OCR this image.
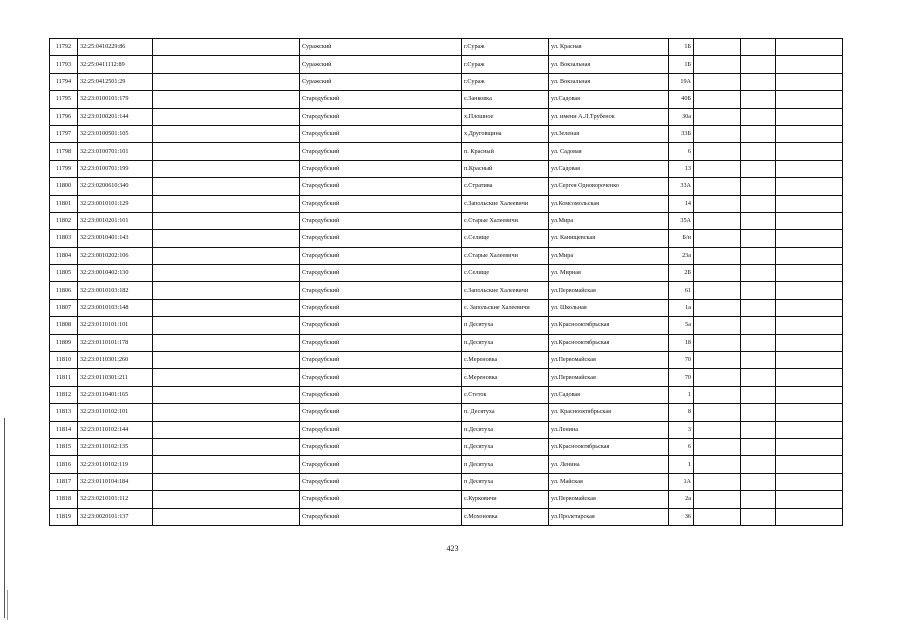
11792	32:25:0410229:86		Суражский	г.Сураж	ул. Красная	1Б			
11793	32:25:0411112:89		Суражский	г.Сураж	ул. Вокзальная	1Б			
11794	32:25:0412501:29		Суражский	г.Сураж	ул. Вокзальная	19А			
11795	32:23:0100101:179		Стародубский	с.Занковка	ул.Садовая	40Б			
11796	32:23:0100201:144		Стародубский	х.Плошное	ул. имени А.Л.Трубенок	30а			
11797	32:23:0100501:105		Стародубский	х.Друговщина	ул.Зеленая	33Б			
11798	32:23:0100701:101		Стародубский	п. Красный	ул. Садовая	6			
11799	32:23:0100701:199		Стародубский	п.Красный	ул.Садовая	13			
11800	32:23:0200610:340		Стародубский	с.Стратива	ул.Сергея Одновороченко	33А			
11801	32:23:0010101:129		Стародубский	с.Запольские Халеевичи	ул.Комсомольская	14			
11802	32:23:0010201:101		Стародубский	с.Старые Халеевичи	ул.Мира	35А			
11803	32:23:0010401:143		Стародубский	с.Селище	ул. Канищевская	Б/н			
11804	32:23:0010202:106		Стародубский	с.Старые Халеевичи	ул.Мира	23а			
11805	32:23:0010402:130		Стародубский	с.Селище	ул. Мирная	2Б			
11806	32:23:0010103:182		Стародубский	с.Запольские Халеевичи	ул.Первомайская	61			
11807	32:23:0010103:148		Стародубский	с. Запольские Халеевичи	ул. Школьная	1а			
11808	32:23:0110101:101		Стародубский	п Десятуха	ул.Краснооктябрьская	5а			
11809	32:23:0110101:178		Стародубский	п.Десятуха	ул.Краснооктябрьская	18			
11810	32:23:0110301:260		Стародубский	с.Мереновка	ул.Первомайская	70			
11811	32:23:0110301:211		Стародубский	с.Мереновка	ул.Первомайская	70			
11812	32:23:0110401:165		Стародубский	с.Стеток	ул.Садовая	1			
11813	32:23:0110102:101		Стародубский	п. Десятуха	ул. Краснооктябрьская	8			
11814	32:23:0110102:144		Стародубский	п.Десятуха	ул.Ленина	3			
11815	32:23:0110102:135		Стародубский	п.Десятуха	ул.Краснооктябрьская	6			
11816	32:23:0110102:119		Стародубский	п Десятуха	ул. Ленина	1			
11817	32:23:0110104:184		Стародубский	п Десятуха	ул. Майская	1А			
11818	32:23:0210101:112		Стародубский	с.Курковичи	ул.Первомайская	2а			
11819	32:23:0020101:137		Стародубский	с.Мохоновка	ул.Пролетарская	36			
423
